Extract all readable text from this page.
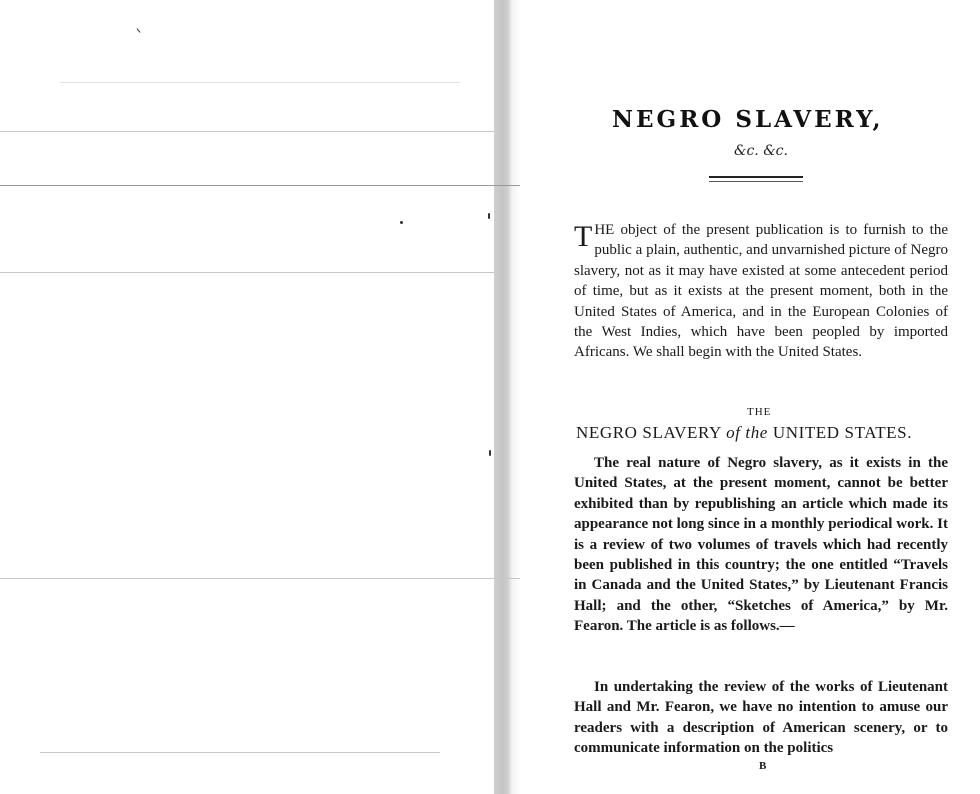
NEGRO SLAVERY,
&c. &c.
THE object of the present publication is to furnish to the public a plain, authentic, and unvarnished picture of Negro slavery, not as it may have existed at some antecedent period of time, but as it exists at the present moment, both in the United States of America, and in the European Colonies of the West Indies, which have been peopled by imported Africans. We shall begin with the United States.
THE
NEGRO SLAVERY of the UNITED STATES.
The real nature of Negro slavery, as it exists in the United States, at the present moment, cannot be better exhibited than by republishing an article which made its appearance not long since in a monthly periodical work. It is a review of two volumes of travels which had recently been published in this country; the one entitled “Travels in Canada and the United States,” by Lieutenant Francis Hall; and the other, “Sketches of America,” by Mr. Fearon. The article is as follows.—
In undertaking the review of the works of Lieutenant Hall and Mr. Fearon, we have no intention to amuse our readers with a description of American scenery, or to communicate information on the politics
B
